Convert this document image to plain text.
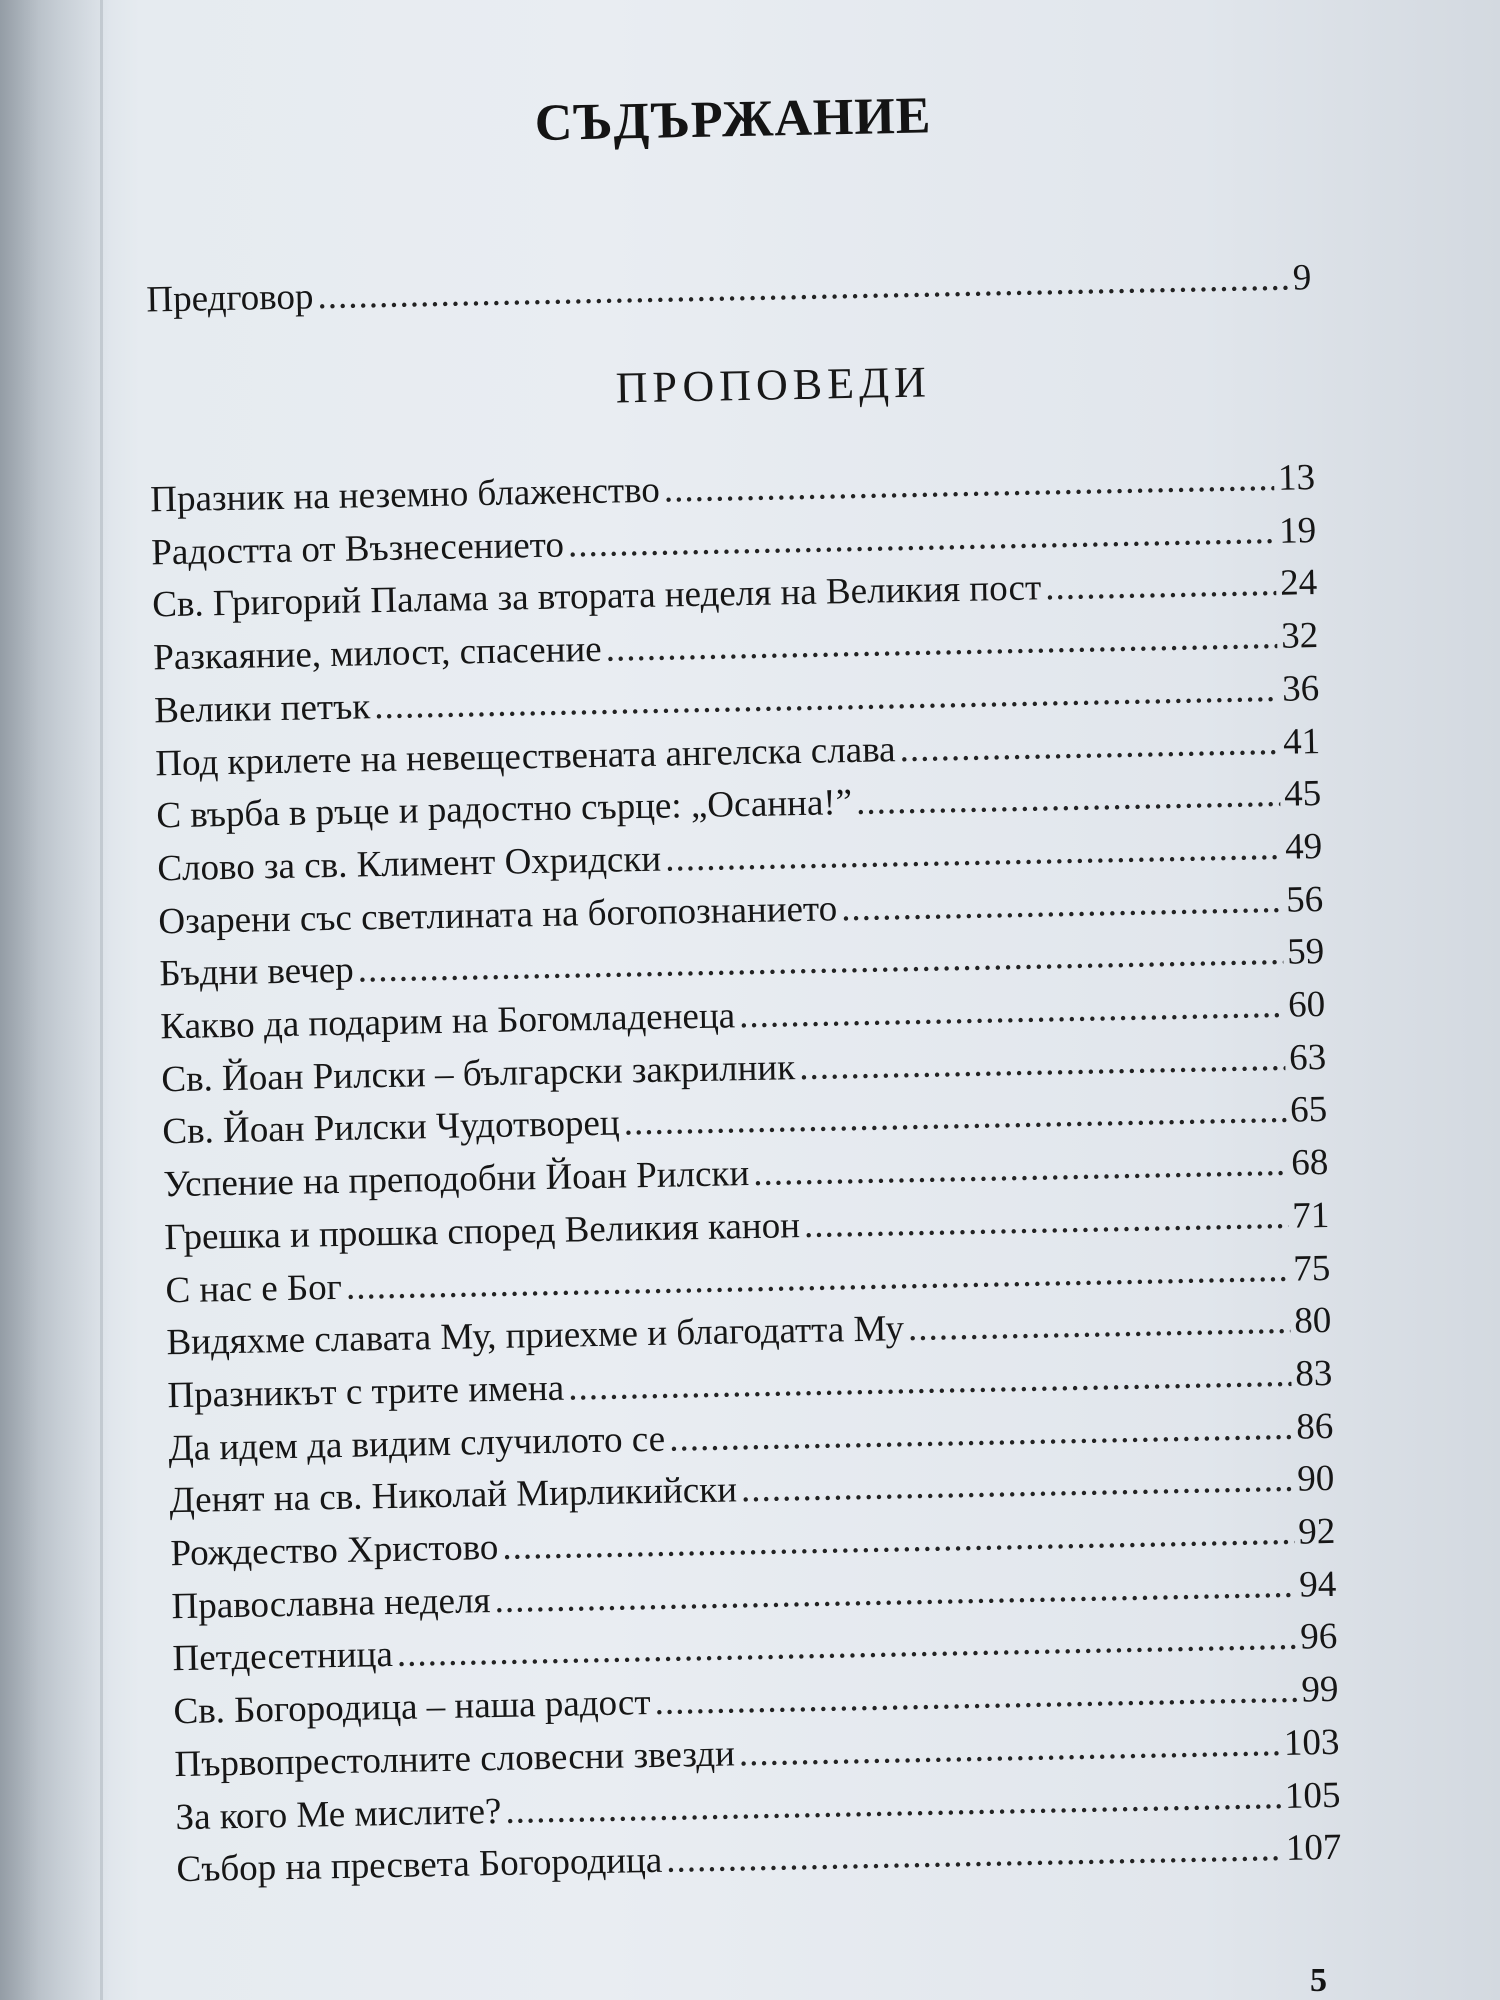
СЪДЪРЖАНИЕ
Предговор .....	9
ПРОПОВЕДИ
Празник на неземно блаженство .....	13
Радостта от Възнесението .....	19
Св. Григорий Палама за втората неделя на Великия пост .....	24
Разкаяние, милост, спасение .....	32
Велики петък .....	36
Под крилете на невеществената ангелска слава .....	41
С върба в ръце и радостно сърце: „Осанна!” .....	45
Слово за св. Климент Охридски .....	49
Озарени със светлината на богопознанието .....	56
Бъдни вечер .....	59
Какво да подарим на Богомладенеца .....	60
Св. Йоан Рилски – български закрилник .....	63
Св. Йоан Рилски Чудотворец .....	65
Успение на преподобни Йоан Рилски .....	68
Грешка и прошка според Великия канон .....	71
С нас е Бог .....	75
Видяхме славата Му, приехме и благодатта Му .....	80
Празникът с трите имена .....	83
Да идем да видим случилото се .....	86
Денят на св. Николай Мирликийски .....	90
Рождество Христово .....	92
Православна неделя .....	94
Петдесетница .....	96
Св. Богородица – наша радост .....	99
Първопрестолните словесни звезди .....	103
За кого Ме мислите? .....	105
Събор на пресвета Богородица .....	107
5
